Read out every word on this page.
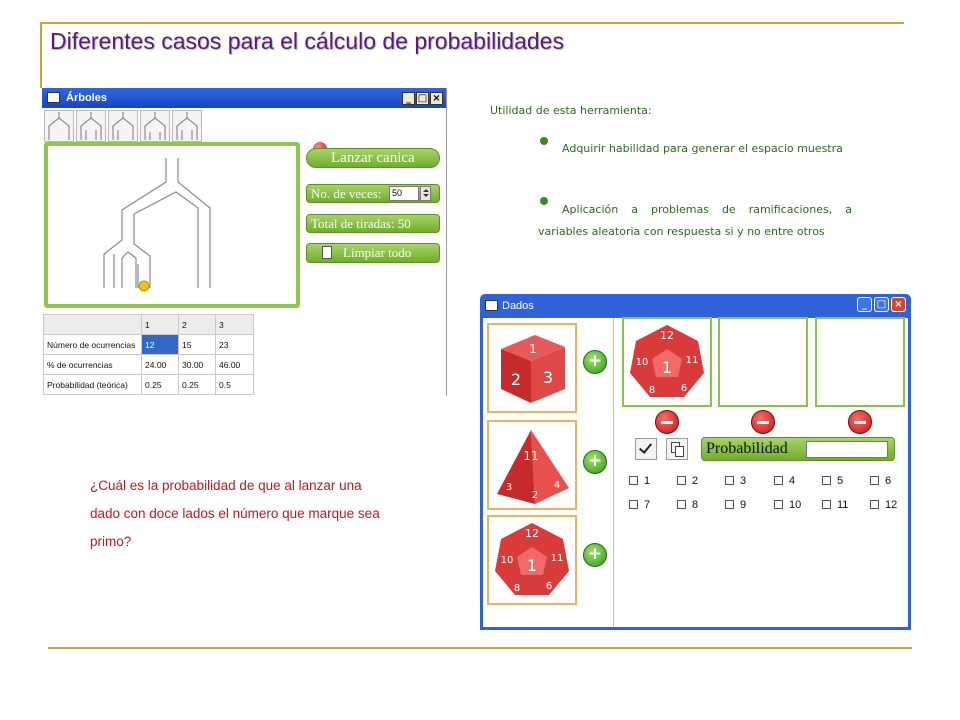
Diferentes casos para el cálculo de probabilidades
Árboles	_ □ ×
Lanzar canica
No. de veces:	50
Total de tiradas: 50
Limpiar todo
	1	2	3
Número de ocurrencias	12	15	23
% de ocurrencias	24.00	30.00	46.00
Probabilidad (teórica)	0.25	0.25	0.5
Utilidad de esta herramienta:
Adquirir habilidad para generar el espacio muestra
Aplicación a problemas de ramificaciones, a variables aleatoria con respuesta si y no entre otros
¿Cuál es la probabilidad de que al lanzar una dado con doce lados el número que marque sea primo?
Dados	_ □ ×
1
2 3
+
11
3
2
4
+
12
1
10	11
8	6
+
12
1
10	11
8	6
Probabilidad
1	2	3	4	5	6
7	8	9	10	11	12
